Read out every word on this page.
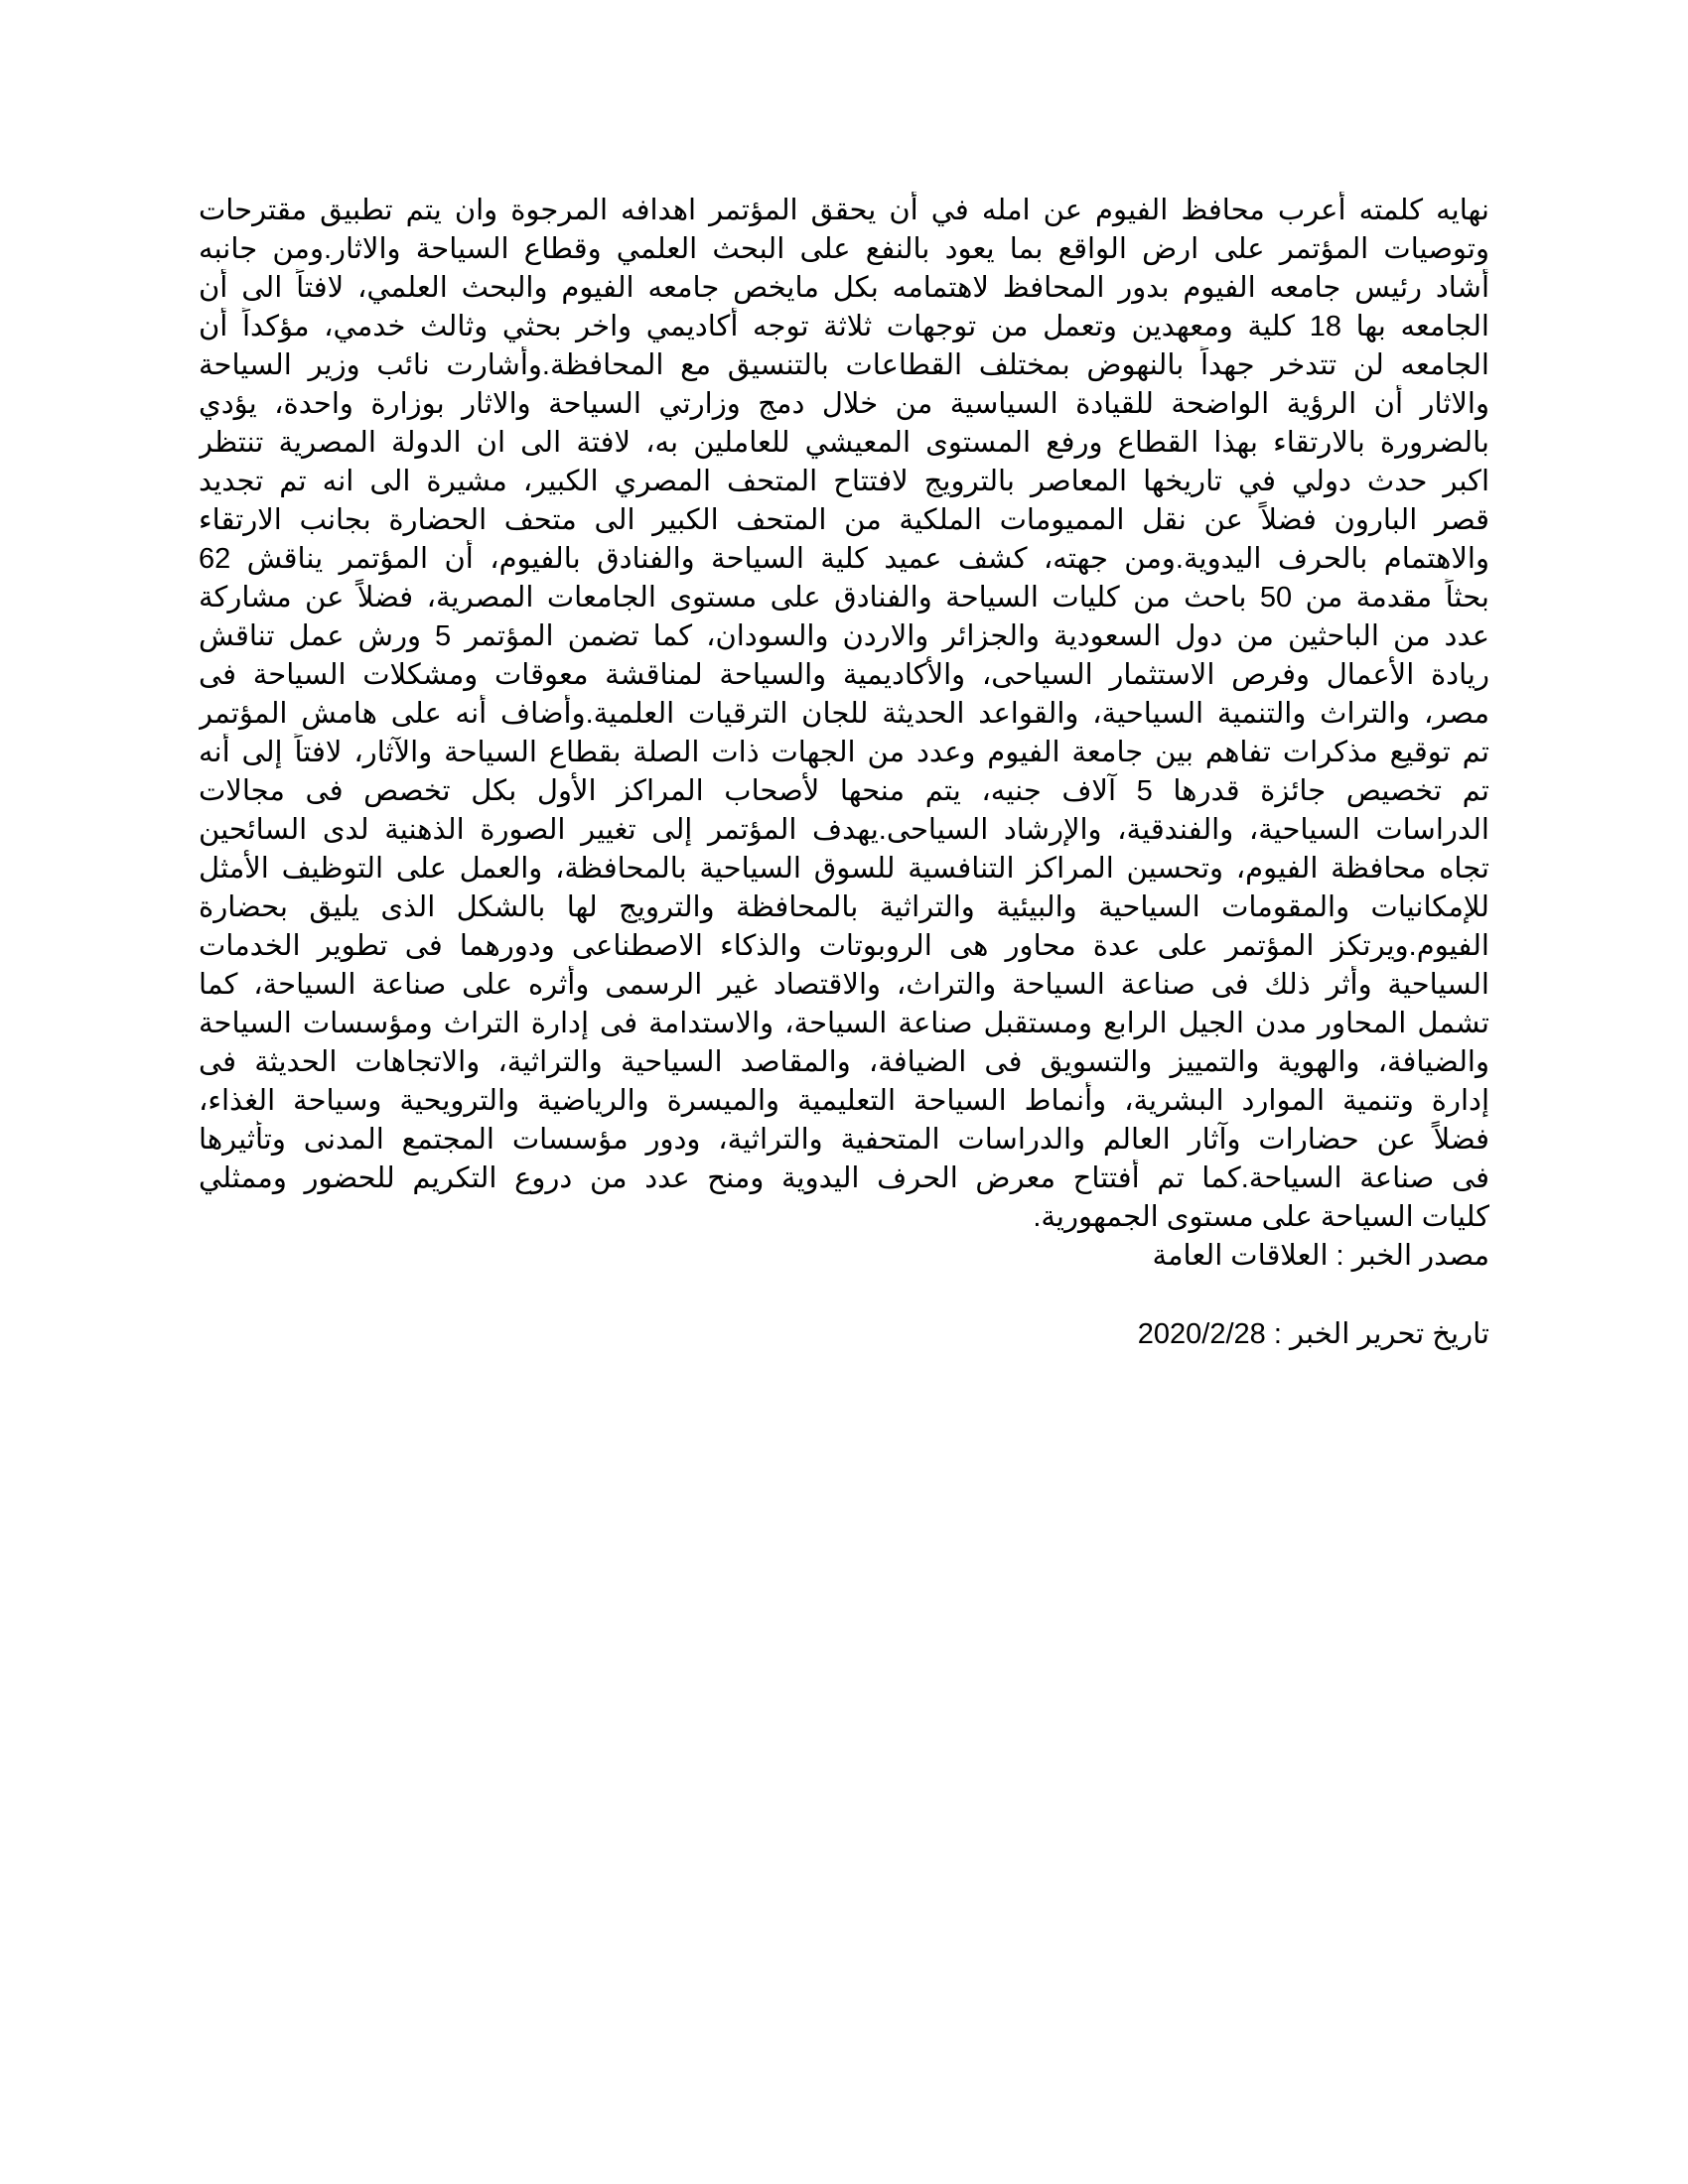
نهايه كلمته أعرب محافظ الفيوم عن امله في أن يحقق المؤتمر اهدافه المرجوة وان يتم تطبيق مقترحات
وتوصيات المؤتمر على ارض الواقع بما يعود بالنفع على البحث العلمي وقطاع السياحة والاثار.ومن جانبه
أشاد رئيس جامعه الفيوم بدور المحافظ لاهتمامه بكل مايخص جامعه الفيوم والبحث العلمي، لافتاً الى أن
الجامعه بها 18 كلية ومعهدين وتعمل من توجهات ثلاثة توجه أكاديمي واخر بحثي وثالث خدمي، مؤكداً أن
الجامعه لن تتدخر جهداً بالنهوض بمختلف القطاعات بالتنسيق مع المحافظة.وأشارت نائب وزير السياحة
والاثار أن الرؤية الواضحة للقيادة السياسية من خلال دمج وزارتي السياحة والاثار بوزارة واحدة، يؤدي
بالضرورة بالارتقاء بهذا القطاع ورفع المستوى المعيشي للعاملين به، لافتة الى ان الدولة المصرية تنتظر
اكبر حدث دولي في تاريخها المعاصر بالترويج لافتتاح المتحف المصري الكبير، مشيرة الى انه تم تجديد
قصر البارون فضلاً عن نقل المميومات الملكية من المتحف الكبير الى متحف الحضارة بجانب الارتقاء
والاهتمام بالحرف اليدوية.ومن جهته، كشف عميد كلية السياحة والفنادق بالفيوم، أن المؤتمر يناقش 62
بحثاً مقدمة من 50 باحث من كليات السياحة والفنادق على مستوى الجامعات المصرية، فضلاً عن مشاركة
عدد من الباحثين من دول السعودية والجزائر والاردن والسودان، كما تضمن المؤتمر 5 ورش عمل تناقش
ريادة الأعمال وفرص الاستثمار السياحى، والأكاديمية والسياحة لمناقشة معوقات ومشكلات السياحة فى
مصر، والتراث والتنمية السياحية، والقواعد الحديثة للجان الترقيات العلمية.وأضاف أنه على هامش المؤتمر
تم توقيع مذكرات تفاهم بين جامعة الفيوم وعدد من الجهات ذات الصلة بقطاع السياحة والآثار، لافتاً إلى أنه
تم تخصيص جائزة قدرها 5 آلاف جنيه، يتم منحها لأصحاب المراكز الأول بكل تخصص فى مجالات
الدراسات السياحية، والفندقية، والإرشاد السياحى.يهدف المؤتمر إلى تغيير الصورة الذهنية لدى السائحين
تجاه محافظة الفيوم، وتحسين المراكز التنافسية للسوق السياحية بالمحافظة، والعمل على التوظيف الأمثل
للإمكانيات والمقومات السياحية والبيئية والتراثية بالمحافظة والترويج لها بالشكل الذى يليق بحضارة
الفيوم.ويرتكز المؤتمر على عدة محاور هى الروبوتات والذكاء الاصطناعى ودورهما فى تطوير الخدمات
السياحية وأثر ذلك فى صناعة السياحة والتراث، والاقتصاد غير الرسمى وأثره على صناعة السياحة، كما
تشمل المحاور مدن الجيل الرابع ومستقبل صناعة السياحة، والاستدامة فى إدارة التراث ومؤسسات السياحة
والضيافة، والهوية والتمييز والتسويق فى الضيافة، والمقاصد السياحية والتراثية، والاتجاهات الحديثة فى
إدارة وتنمية الموارد البشرية، وأنماط السياحة التعليمية والميسرة والرياضية والترويحية وسياحة الغذاء،
فضلاً عن حضارات وآثار العالم والدراسات المتحفية والتراثية، ودور مؤسسات المجتمع المدنى وتأثيرها
فى صناعة السياحة.كما تم أفتتاح معرض الحرف اليدوية ومنح عدد من دروع التكريم للحضور وممثلي
كليات السياحة على مستوى الجمهورية.
مصدر الخبر : العلاقات العامة
تاريخ تحرير الخبر : 2020/2/28
